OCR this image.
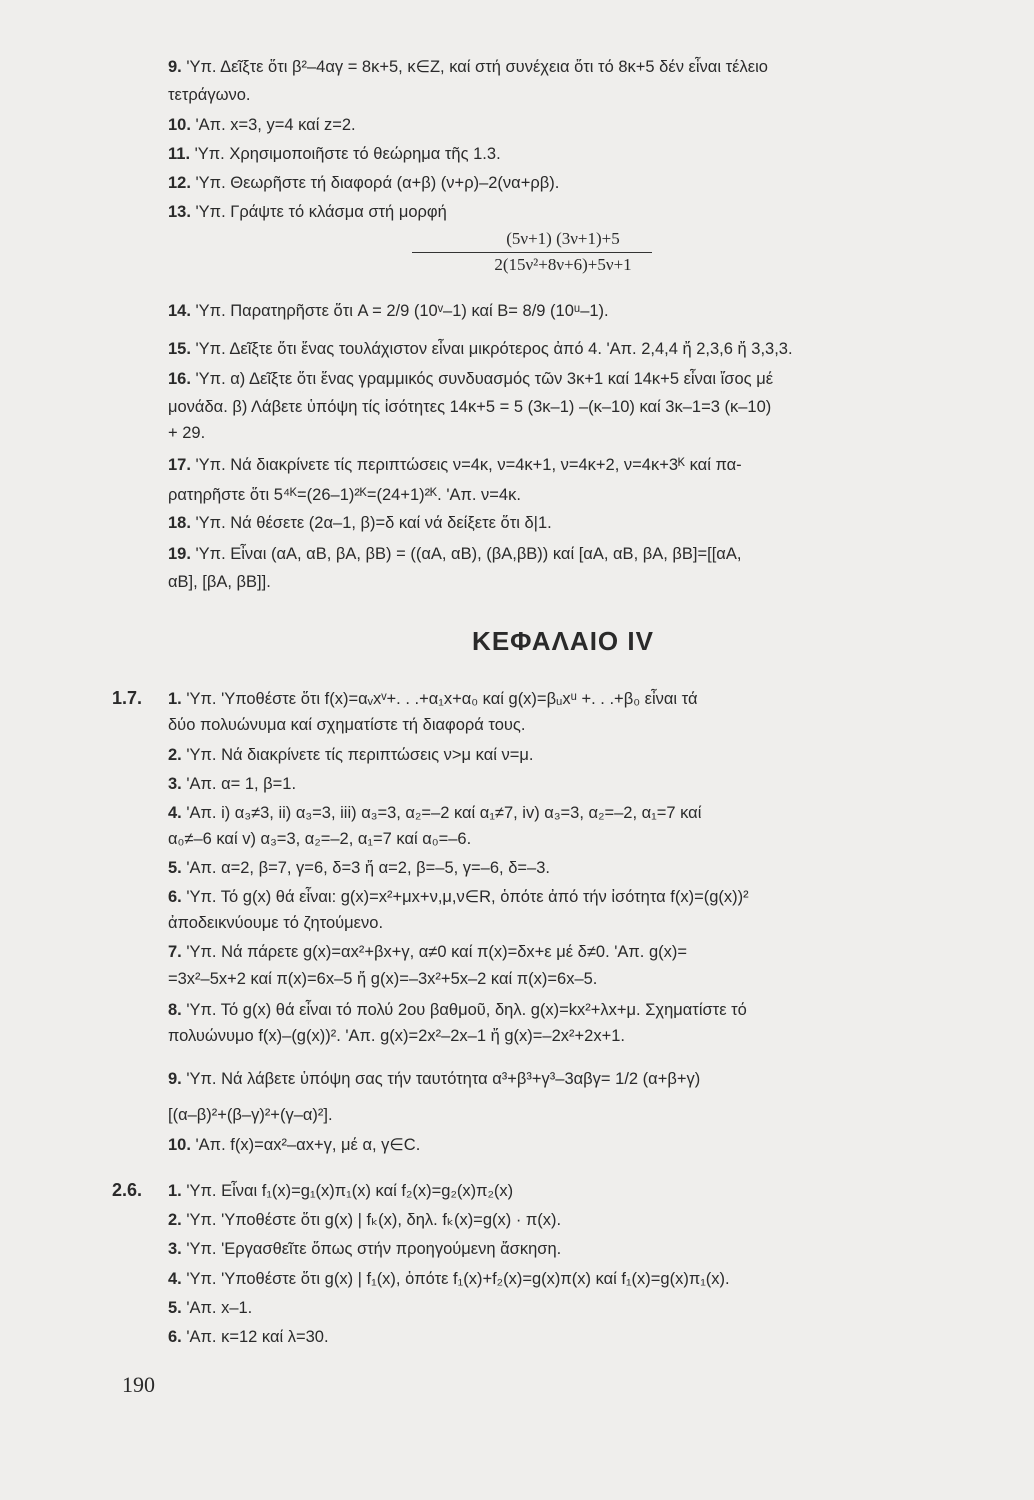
9. 'Υπ. Δεῖξτε ὅτι β²–4αγ = 8κ+5, κ∈Z, καί στή συνέχεια ὅτι τό 8κ+5 δέν εἶναι τέλειο
τετράγωνο.
10. 'Απ. x=3, y=4 καί z=2.
11. 'Υπ. Χρησιμοποιῆστε τό θεώρημα τῆς 1.3.
12. 'Υπ. Θεωρῆστε τή διαφορά (α+β) (ν+ρ)–2(να+ρβ).
13. 'Υπ. Γράψτε τό κλάσμα στή μορφή
(5ν+1) (3ν+1)+5
2(15ν²+8ν+6)+5ν+1
14. 'Υπ. Παρατηρῆστε ὅτι A = 2/9 (10ᵛ–1) καί B= 8/9 (10ᵘ–1).
15. 'Υπ. Δεῖξτε ὅτι ἕνας τουλάχιστον εἶναι μικρότερος ἀπό 4. 'Απ. 2,4,4 ἤ 2,3,6 ἤ 3,3,3.
16. 'Υπ. α) Δεῖξτε ὅτι ἕνας γραμμικός συνδυασμός τῶν 3κ+1 καί 14κ+5 εἶναι ἴσος μέ
μονάδα. β) Λάβετε ὑπόψη τίς ἰσότητες 14κ+5 = 5 (3κ–1) –(κ–10) καί 3κ–1=3 (κ–10)
+ 29.
17. 'Υπ. Νά διακρίνετε τίς περιπτώσεις ν=4κ, ν=4κ+1, ν=4κ+2, ν=4κ+3ᴷ καί πα-
ρατηρῆστε ὅτι 5⁴ᴷ=(26–1)²ᴷ=(24+1)²ᴷ. 'Απ. ν=4κ.
18. 'Υπ. Νά θέσετε (2α–1, β)=δ καί νά δείξετε ὅτι δ|1.
19. 'Υπ. Εἶναι (αA, αB, βA, βB) = ((αA, αB), (βA,βB)) καί [αA, αB, βA, βB]=[[αA,
αB], [βA, βB]].
ΚΕΦΑΛΑΙΟ IV
1.7. 1. 'Υπ. 'Υποθέστε ὅτι f(x)=αᵥxᵛ+. . .+α₁x+α₀ καί g(x)=βᵤxᵘ +. . .+β₀ εἶναι τά
δύο πολυώνυμα καί σχηματίστε τή διαφορά τους.
2. 'Υπ. Νά διακρίνετε τίς περιπτώσεις ν>μ καί ν=μ.
3. 'Απ. α= 1, β=1.
4. 'Απ. i) α₃≠3, ii) α₃=3, iii) α₃=3, α₂=–2 καί α₁≠7, iv) α₃=3, α₂=–2, α₁=7 καί
α₀≠–6 καί v) α₃=3, α₂=–2, α₁=7 καί α₀=–6.
5. 'Απ. α=2, β=7, γ=6, δ=3 ἤ α=2, β=–5, γ=–6, δ=–3.
6. 'Υπ. Τό g(x) θά εἶναι: g(x)=x²+μx+ν,μ,ν∈R, ὁπότε ἀπό τήν ἰσότητα f(x)=(g(x))²
ἀποδεικνύουμε τό ζητούμενο.
7. 'Υπ. Νά πάρετε g(x)=αx²+βx+γ, α≠0 καί π(x)=δx+ε μέ δ≠0. 'Απ. g(x)=
=3x²–5x+2 καί π(x)=6x–5 ἤ g(x)=–3x²+5x–2 καί π(x)=6x–5.
8. 'Υπ. Τό g(x) θά εἶναι τό πολύ 2ου βαθμοῦ, δηλ. g(x)=kx²+λx+μ. Σχηματίστε τό
πολυώνυμο f(x)–(g(x))². 'Απ. g(x)=2x²–2x–1 ἤ g(x)=–2x²+2x+1.
9. 'Υπ. Νά λάβετε ὑπόψη σας τήν ταυτότητα α³+β³+γ³–3αβγ= 1/2 (α+β+γ)
[(α–β)²+(β–γ)²+(γ–α)²].
10. 'Απ. f(x)=αx²–αx+γ, μέ α, γ∈C.
2.6. 1. 'Υπ. Εἶναι f₁(x)=g₁(x)π₁(x) καί f₂(x)=g₂(x)π₂(x)
2. 'Υπ. 'Υποθέστε ὅτι g(x) | fₖ(x), δηλ. fₖ(x)=g(x) · π(x).
3. 'Υπ. 'Εργασθεῖτε ὅπως στήν προηγούμενη ἄσκηση.
4. 'Υπ. 'Υποθέστε ὅτι g(x) | f₁(x), ὁπότε f₁(x)+f₂(x)=g(x)π(x) καί f₁(x)=g(x)π₁(x).
5. 'Απ. x–1.
6. 'Απ. κ=12 καί λ=30.
190
